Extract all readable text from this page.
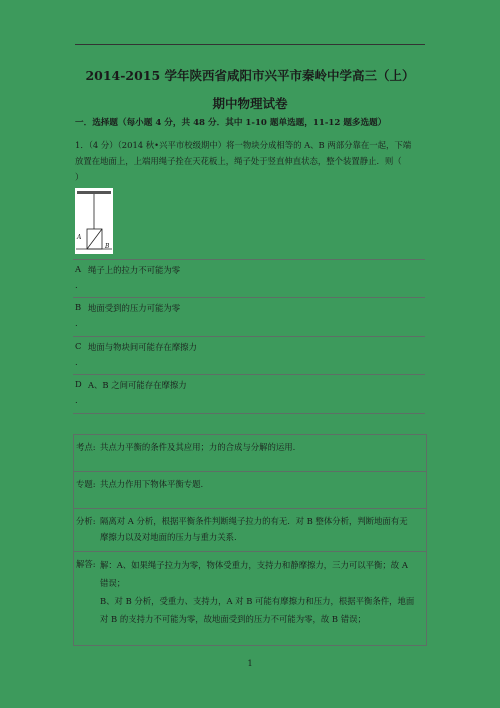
2014-2015 学年陕西省咸阳市兴平市秦岭中学高三（上）
期中物理试卷
一．选择题（每小题 4 分，共 48 分．其中 1-10 题单选题，11-12 题多选题）
1．（4 分）（2014 秋•兴平市校级期中）将一物块分成相等的 A、B 两部分靠在一起，下端
放置在地面上，上端用绳子拴在天花板上，绳子处于竖直伸直状态，整个装置静止．则（
）
A
B
A
.
绳子上的拉力不可能为零
B
.
地面受到的压力可能为零
C
.
地面与物块间可能存在摩擦力
D
.
A、B 之间可能存在摩擦力
考点: 共点力平衡的条件及其应用；力的合成与分解的运用.
专题: 共点力作用下物体平衡专题.
分析: 隔离对 A 分析，根据平衡条件判断绳子拉力的有无．对 B 整体分析，判断地面有无
摩擦力以及对地面的压力与重力关系.
解答: 解：A、如果绳子拉力为零，物体受重力，支持力和静摩擦力，三力可以平衡；故 A
错误；
B、对 B 分析，受重力、支持力，A 对 B 可能有摩擦力和压力，根据平衡条件，地面
对 B 的支持力不可能为零，故地面受到的压力不可能为零，故 B 错误；
1
